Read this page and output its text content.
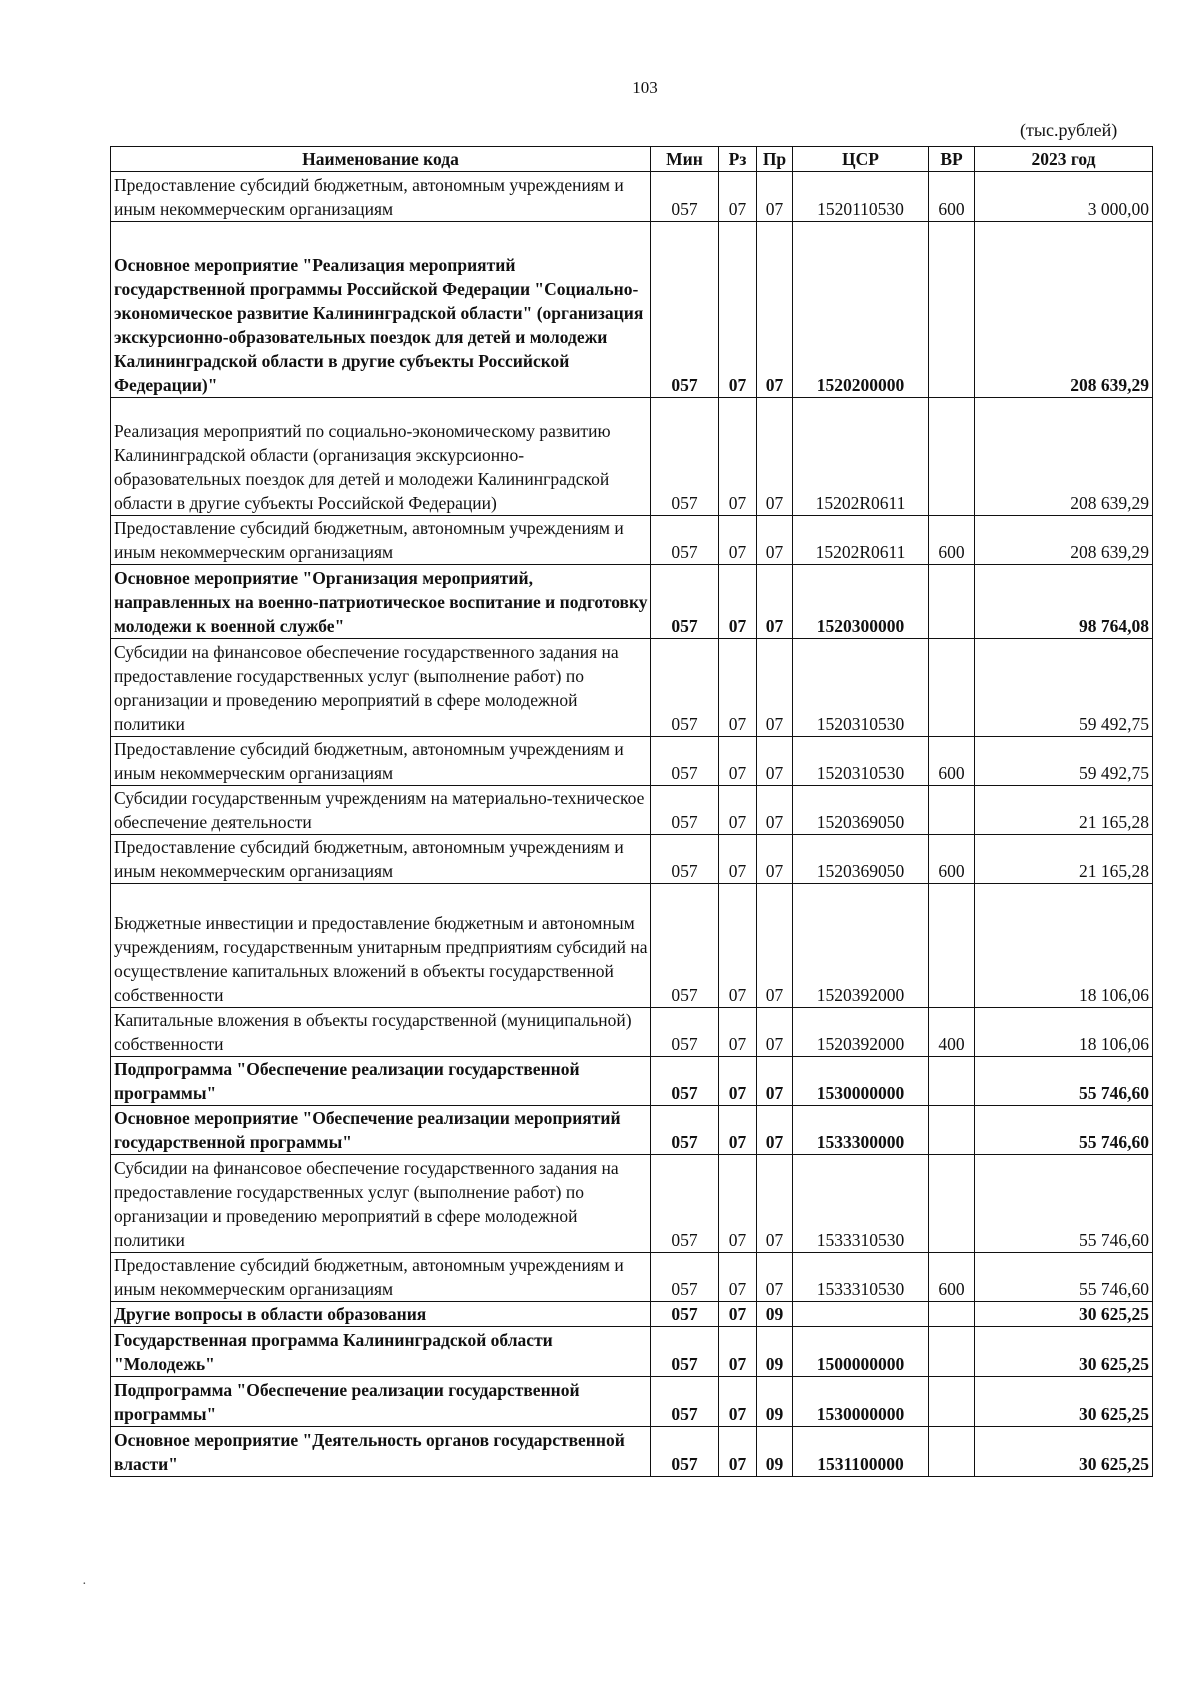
103
(тыс.рублей)
Наименование кода	Мин	Рз	Пр	ЦСР	ВР	2023 год
Предоставление субсидий бюджетным, автономным учреждениям и иным некоммерческим организациям	057	07	07	1520110530	600	3 000,00
Основное мероприятие "Реализация мероприятий государственной программы Российской Федерации "Социально-экономическое развитие Калининградской области" (организация экскурсионно-образовательных поездок для детей и молодежи Калининградской области в другие субъекты Российской Федерации)"	057	07	07	1520200000		208 639,29
Реализация мероприятий по социально-экономическому развитию Калининградской области (организация экскурсионно-образовательных поездок для детей и молодежи Калининградской области в другие субъекты Российской Федерации)	057	07	07	15202R0611		208 639,29
Предоставление субсидий бюджетным, автономным учреждениям и иным некоммерческим организациям	057	07	07	15202R0611	600	208 639,29
Основное мероприятие "Организация мероприятий, направленных на военно-патриотическое воспитание и подготовку молодежи к военной службе"	057	07	07	1520300000		98 764,08
Субсидии на финансовое обеспечение государственного задания на предоставление государственных услуг (выполнение работ) по организации и проведению мероприятий в сфере молодежной политики	057	07	07	1520310530		59 492,75
Предоставление субсидий бюджетным, автономным учреждениям и иным некоммерческим организациям	057	07	07	1520310530	600	59 492,75
Субсидии государственным учреждениям на материально-техническое обеспечение деятельности	057	07	07	1520369050		21 165,28
Предоставление субсидий бюджетным, автономным учреждениям и иным некоммерческим организациям	057	07	07	1520369050	600	21 165,28
Бюджетные инвестиции и предоставление бюджетным и автономным учреждениям, государственным унитарным предприятиям субсидий на осуществление капитальных вложений в объекты государственной собственности	057	07	07	1520392000		18 106,06
Капитальные вложения в объекты государственной (муниципальной) собственности	057	07	07	1520392000	400	18 106,06
Подпрограмма "Обеспечение реализации государственной программы"	057	07	07	1530000000		55 746,60
Основное мероприятие "Обеспечение реализации мероприятий государственной программы"	057	07	07	1533300000		55 746,60
Субсидии на финансовое обеспечение государственного задания на предоставление государственных услуг (выполнение работ) по организации и проведению мероприятий в сфере молодежной политики	057	07	07	1533310530		55 746,60
Предоставление субсидий бюджетным, автономным учреждениям и иным некоммерческим организациям	057	07	07	1533310530	600	55 746,60
Другие вопросы в области образования	057	07	09			30 625,25
Государственная программа Калининградской области "Молодежь"	057	07	09	1500000000		30 625,25
Подпрограмма "Обеспечение реализации государственной программы"	057	07	09	1530000000		30 625,25
Основное мероприятие "Деятельность органов государственной власти"	057	07	09	1531100000		30 625,25
·
